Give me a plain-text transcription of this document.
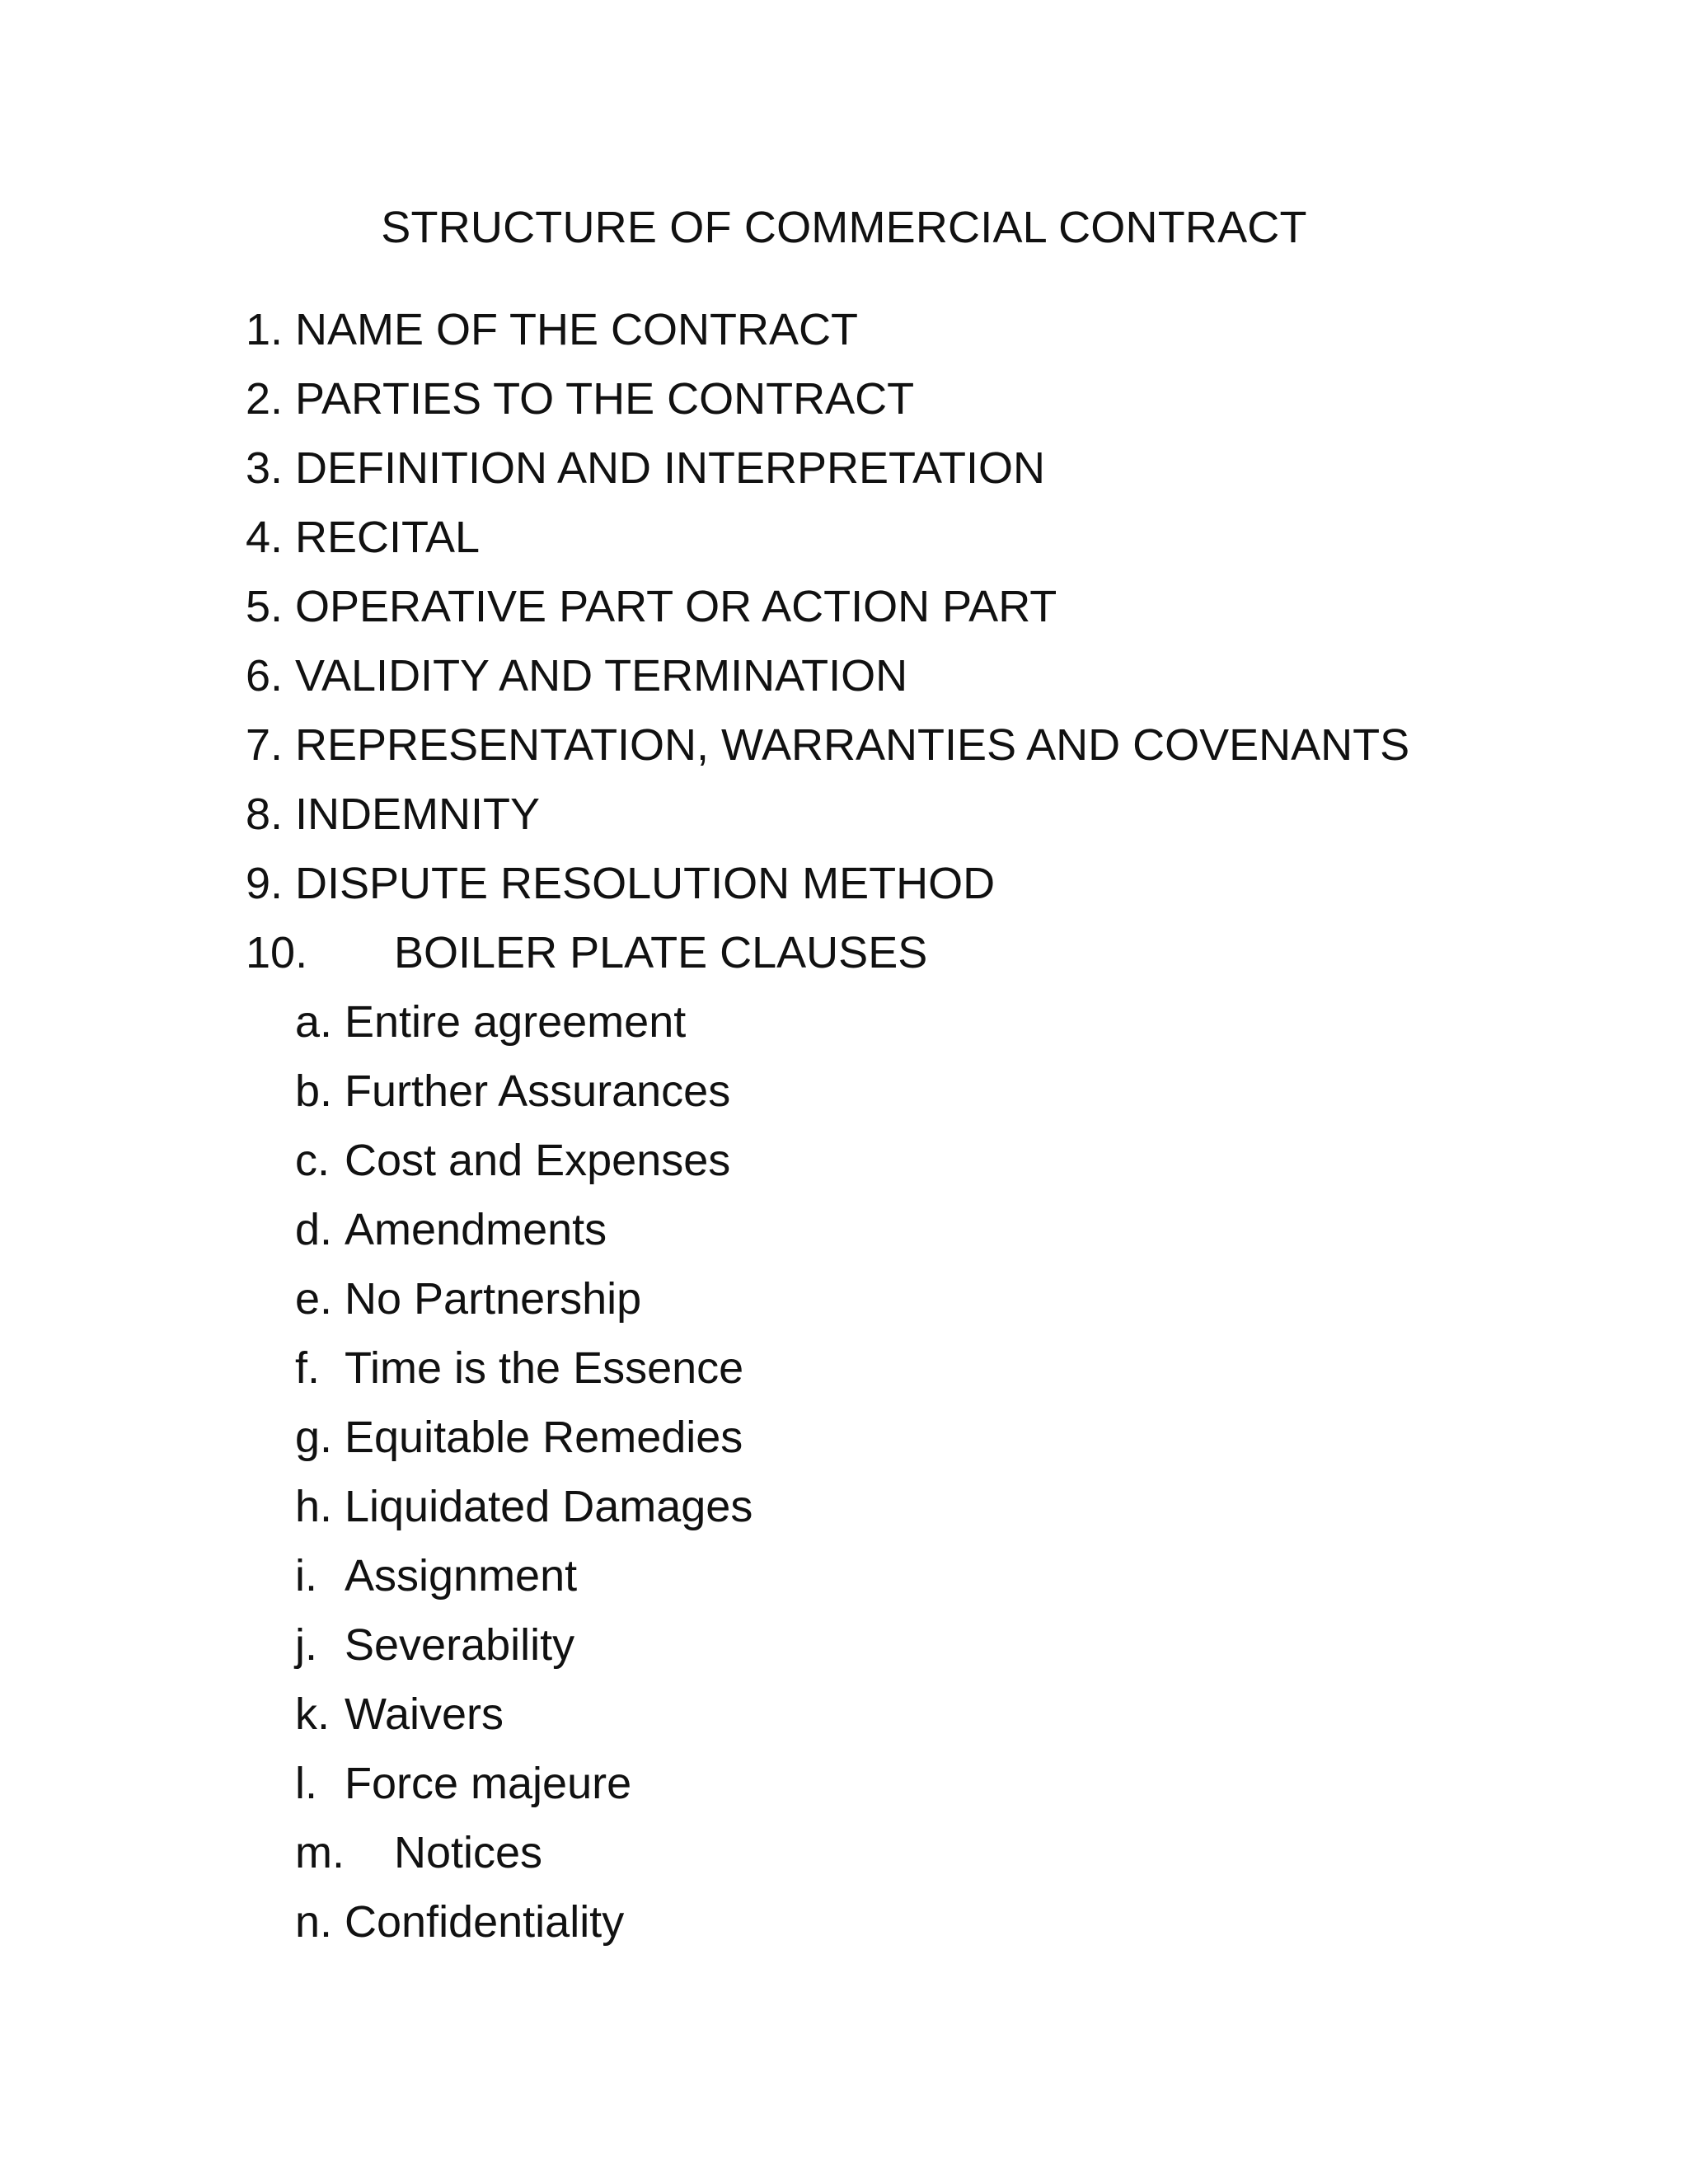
STRUCTURE OF COMMERCIAL CONTRACT
1. NAME OF THE CONTRACT
2. PARTIES TO THE CONTRACT
3. DEFINITION AND INTERPRETATION
4. RECITAL
5. OPERATIVE PART OR ACTION PART
6. VALIDITY AND TERMINATION
7. REPRESENTATION, WARRANTIES AND COVENANTS
8. INDEMNITY
9. DISPUTE RESOLUTION METHOD
10. BOILER PLATE CLAUSES
a. Entire agreement
b. Further Assurances
c. Cost and Expenses
d. Amendments
e. No Partnership
f. Time is the Essence
g. Equitable Remedies
h. Liquidated Damages
i. Assignment
j. Severability
k. Waivers
l. Force majeure
m. Notices
n. Confidentiality
